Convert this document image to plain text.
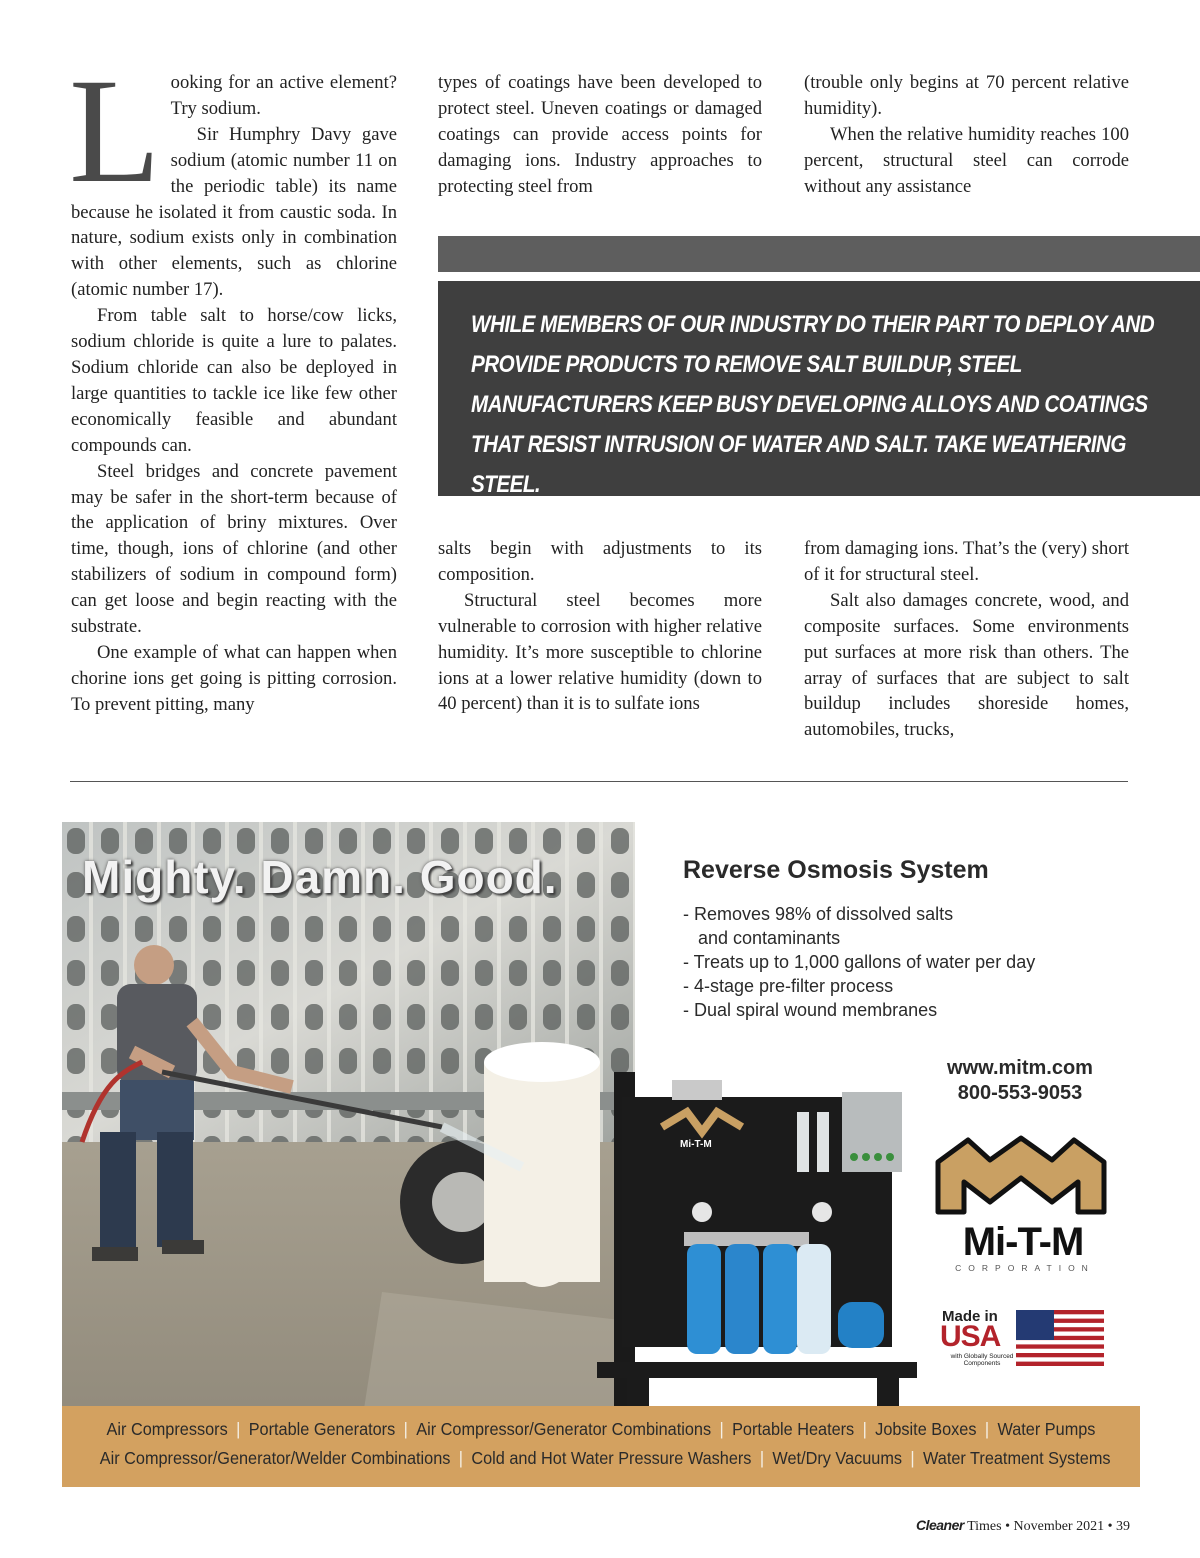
L ooking for an active element? Try sodium.

Sir Humphry Davy gave sodium (atomic number 11 on the periodic table) its name because he isolated it from caustic soda. In nature, sodium exists only in combination with other elements, such as chlorine (atomic number 17).

From table salt to horse/cow licks, sodium chloride is quite a lure to palates. Sodium chloride can also be deployed in large quantities to tackle ice like few other economically feasible and abundant compounds can.

Steel bridges and concrete pavement may be safer in the short-term because of the application of briny mixtures. Over time, though, ions of chlorine (and other stabilizers of sodium in compound form) can get loose and begin reacting with the substrate.

One example of what can happen when chorine ions get going is pitting corrosion. To prevent pitting, many

types of coatings have been developed to protect steel. Uneven coatings or damaged coatings can provide access points for damaging ions. Industry approaches to protecting steel from

(trouble only begins at 70 percent relative humidity).

When the relative humidity reaches 100 percent, structural steel can corrode without any assistance

WHILE MEMBERS OF OUR INDUSTRY DO THEIR PART TO DEPLOY AND PROVIDE PRODUCTS TO REMOVE SALT BUILDUP, STEEL MANUFACTURERS KEEP BUSY DEVELOPING ALLOYS AND COATINGS THAT RESIST INTRUSION OF WATER AND SALT. TAKE WEATHERING STEEL.

salts begin with adjustments to its composition.

Structural steel becomes more vulnerable to corrosion with higher relative humidity. It’s more susceptible to chlorine ions at a lower relative humidity (down to 40 percent) than it is to sulfate ions

from damaging ions. That’s the (very) short of it for structural steel.

Salt also damages concrete, wood, and composite surfaces. Some environments put surfaces at more risk than others. The array of surfaces that are subject to salt buildup includes shoreside homes, automobiles, trucks,

Mi-T-M
Mighty. Damn. Good.	Reverse Osmosis System
- Removes 98% of dissolved salts
and contaminants
- Treats up to 1,000 gallons of water per day
- 4-stage pre-filter process
- Dual spiral wound membranes
www.mitm.com
800-553-9053
Mi-T-M
CORPORATION
Made in
USA
with Globally Sourced Components
Air Compressors | Portable Generators | Air Compressor/Generator Combinations | Portable Heaters | Jobsite Boxes | Water Pumps
Air Compressor/Generator/Welder Combinations | Cold and Hot Water Pressure Washers | Wet/Dry Vacuums | Water Treatment Systems
Cleaner Times • November 2021 • 39
